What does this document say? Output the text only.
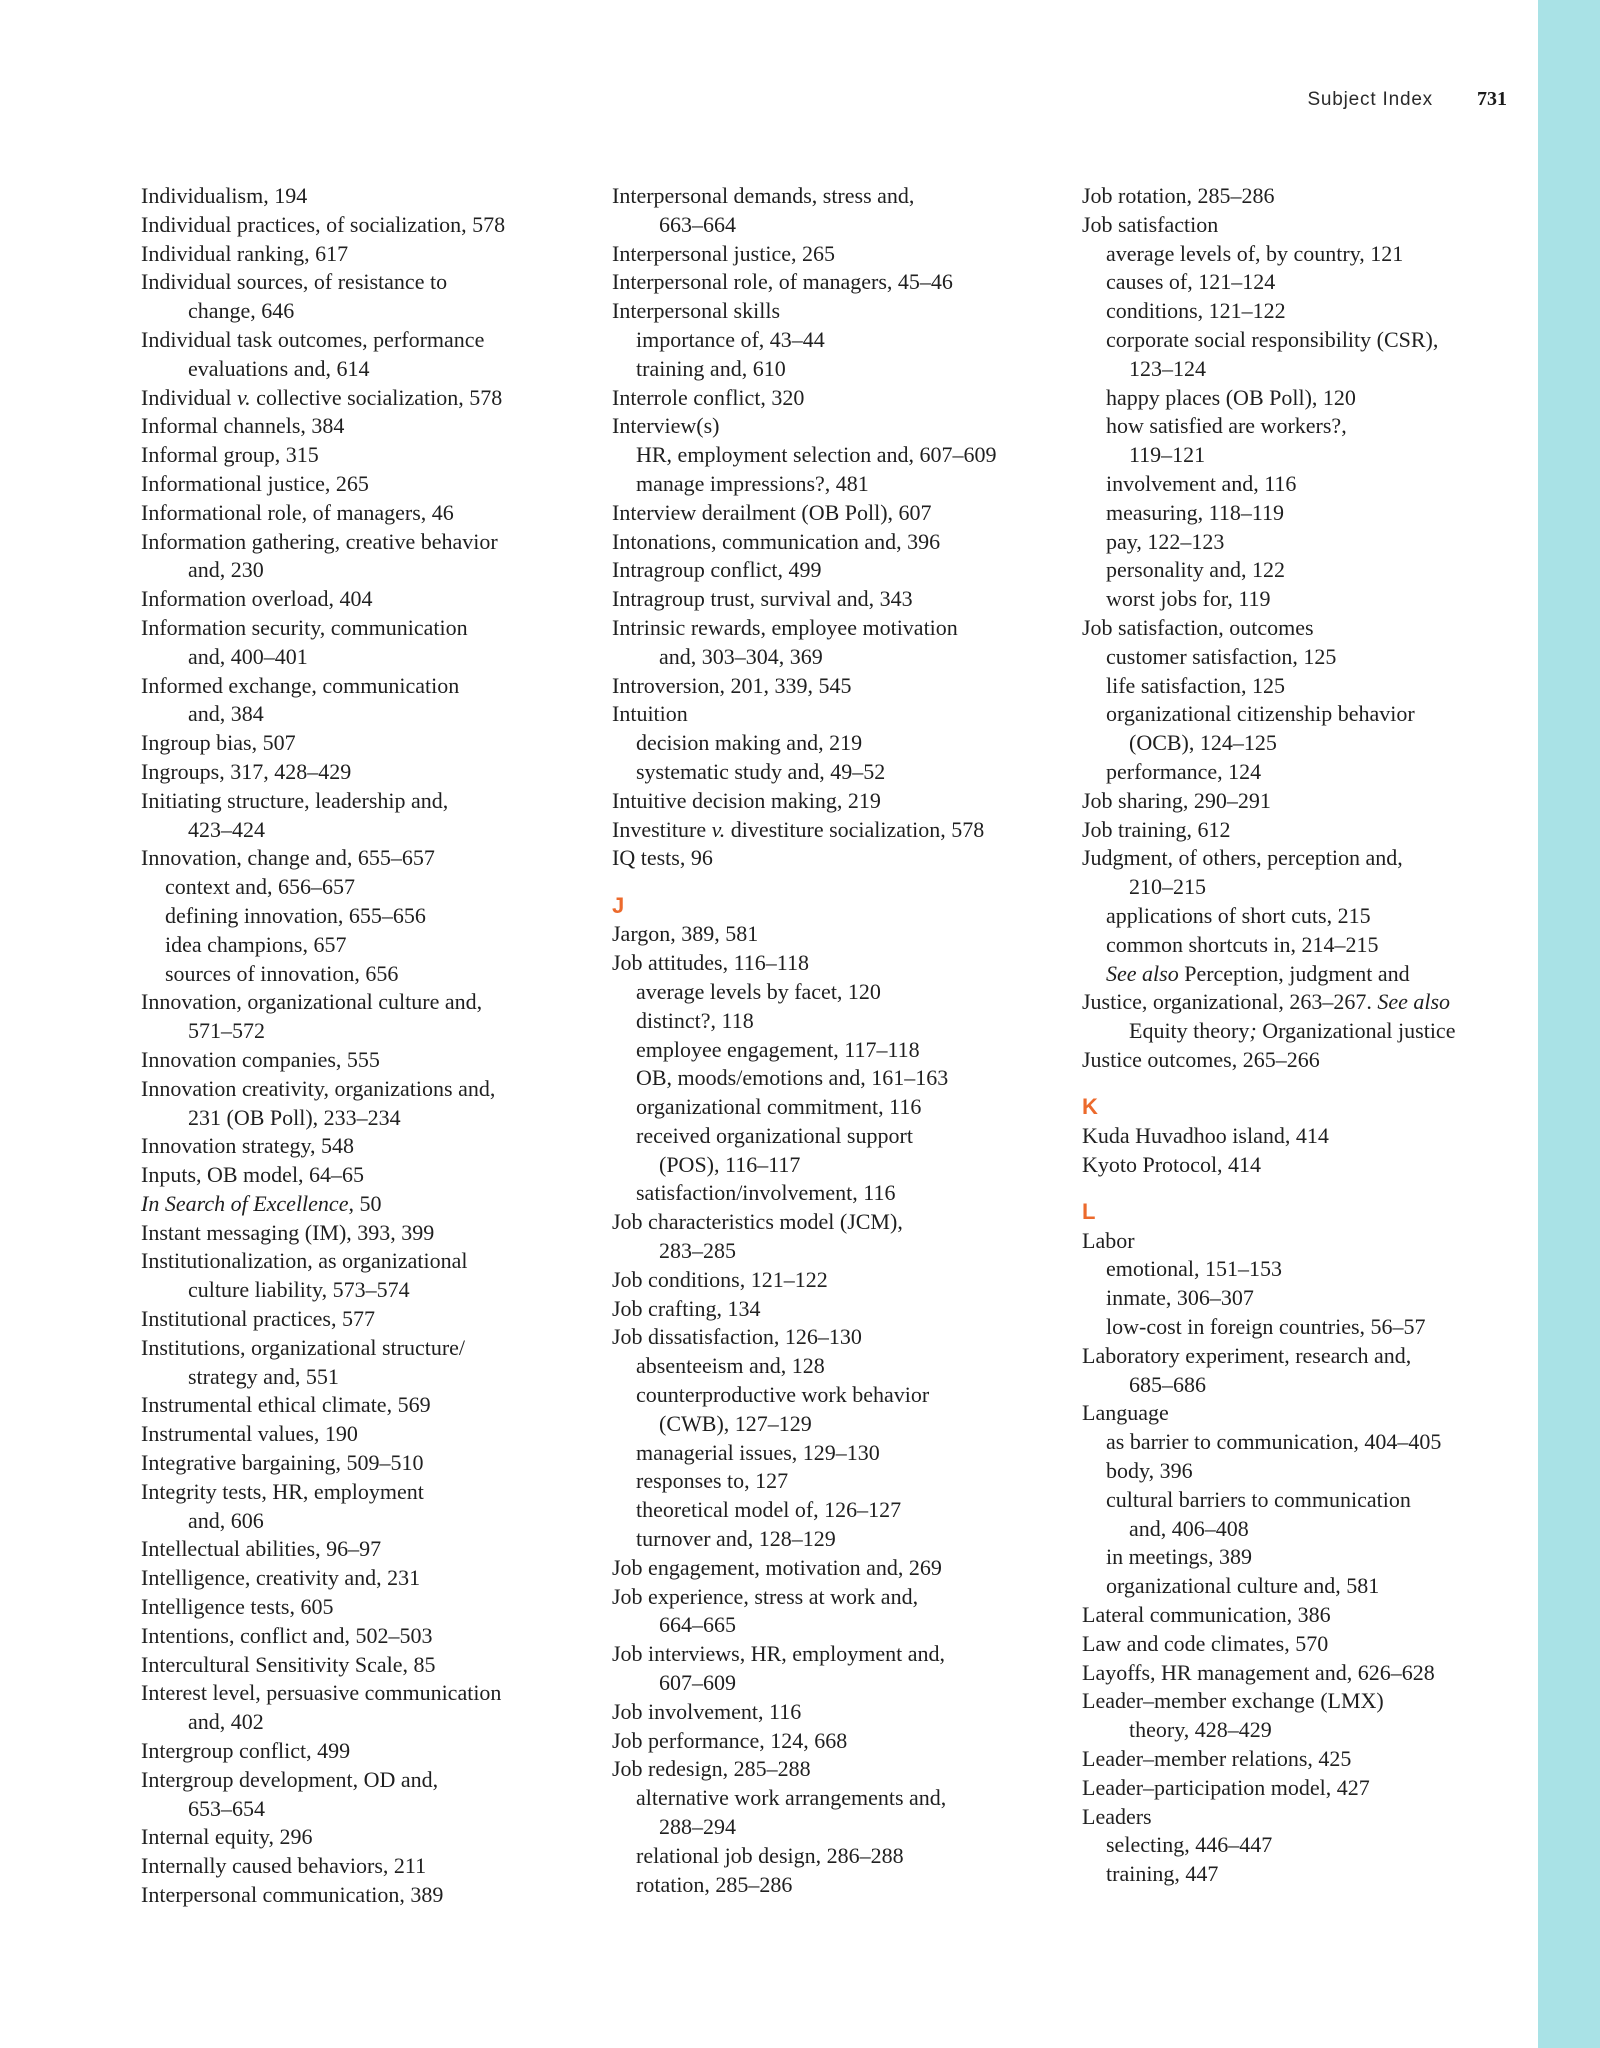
Subject Index 731
Individualism, 194
Individual practices, of socialization, 578
Individual ranking, 617
Individual sources, of resistance to
change, 646
Individual task outcomes, performance
evaluations and, 614
Individual v. collective socialization, 578
Informal channels, 384
Informal group, 315
Informational justice, 265
Informational role, of managers, 46
Information gathering, creative behavior
and, 230
Information overload, 404
Information security, communication
and, 400–401
Informed exchange, communication
and, 384
Ingroup bias, 507
Ingroups, 317, 428–429
Initiating structure, leadership and,
423–424
Innovation, change and, 655–657
context and, 656–657
defining innovation, 655–656
idea champions, 657
sources of innovation, 656
Innovation, organizational culture and,
571–572
Innovation companies, 555
Innovation creativity, organizations and,
231 (OB Poll), 233–234
Innovation strategy, 548
Inputs, OB model, 64–65
In Search of Excellence, 50
Instant messaging (IM), 393, 399
Institutionalization, as organizational
culture liability, 573–574
Institutional practices, 577
Institutions, organizational structure/
strategy and, 551
Instrumental ethical climate, 569
Instrumental values, 190
Integrative bargaining, 509–510
Integrity tests, HR, employment
and, 606
Intellectual abilities, 96–97
Intelligence, creativity and, 231
Intelligence tests, 605
Intentions, conflict and, 502–503
Intercultural Sensitivity Scale, 85
Interest level, persuasive communication
and, 402
Intergroup conflict, 499
Intergroup development, OD and,
653–654
Internal equity, 296
Internally caused behaviors, 211
Interpersonal communication, 389
Interpersonal demands, stress and,
663–664
Interpersonal justice, 265
Interpersonal role, of managers, 45–46
Interpersonal skills
importance of, 43–44
training and, 610
Interrole conflict, 320
Interview(s)
HR, employment selection and, 607–609
manage impressions?, 481
Interview derailment (OB Poll), 607
Intonations, communication and, 396
Intragroup conflict, 499
Intragroup trust, survival and, 343
Intrinsic rewards, employee motivation
and, 303–304, 369
Introversion, 201, 339, 545
Intuition
decision making and, 219
systematic study and, 49–52
Intuitive decision making, 219
Investiture v. divestiture socialization, 578
IQ tests, 96
J
Jargon, 389, 581
Job attitudes, 116–118
average levels by facet, 120
distinct?, 118
employee engagement, 117–118
OB, moods/emotions and, 161–163
organizational commitment, 116
received organizational support
(POS), 116–117
satisfaction/involvement, 116
Job characteristics model (JCM),
283–285
Job conditions, 121–122
Job crafting, 134
Job dissatisfaction, 126–130
absenteeism and, 128
counterproductive work behavior
(CWB), 127–129
managerial issues, 129–130
responses to, 127
theoretical model of, 126–127
turnover and, 128–129
Job engagement, motivation and, 269
Job experience, stress at work and,
664–665
Job interviews, HR, employment and,
607–609
Job involvement, 116
Job performance, 124, 668
Job redesign, 285–288
alternative work arrangements and,
288–294
relational job design, 286–288
rotation, 285–286
Job rotation, 285–286
Job satisfaction
average levels of, by country, 121
causes of, 121–124
conditions, 121–122
corporate social responsibility (CSR),
123–124
happy places (OB Poll), 120
how satisfied are workers?,
119–121
involvement and, 116
measuring, 118–119
pay, 122–123
personality and, 122
worst jobs for, 119
Job satisfaction, outcomes
customer satisfaction, 125
life satisfaction, 125
organizational citizenship behavior
(OCB), 124–125
performance, 124
Job sharing, 290–291
Job training, 612
Judgment, of others, perception and,
210–215
applications of short cuts, 215
common shortcuts in, 214–215
See also Perception, judgment and
Justice, organizational, 263–267. See also
Equity theory; Organizational justice
Justice outcomes, 265–266
K
Kuda Huvadhoo island, 414
Kyoto Protocol, 414
L
Labor
emotional, 151–153
inmate, 306–307
low-cost in foreign countries, 56–57
Laboratory experiment, research and,
685–686
Language
as barrier to communication, 404–405
body, 396
cultural barriers to communication
and, 406–408
in meetings, 389
organizational culture and, 581
Lateral communication, 386
Law and code climates, 570
Layoffs, HR management and, 626–628
Leader–member exchange (LMX)
theory, 428–429
Leader–member relations, 425
Leader–participation model, 427
Leaders
selecting, 446–447
training, 447
